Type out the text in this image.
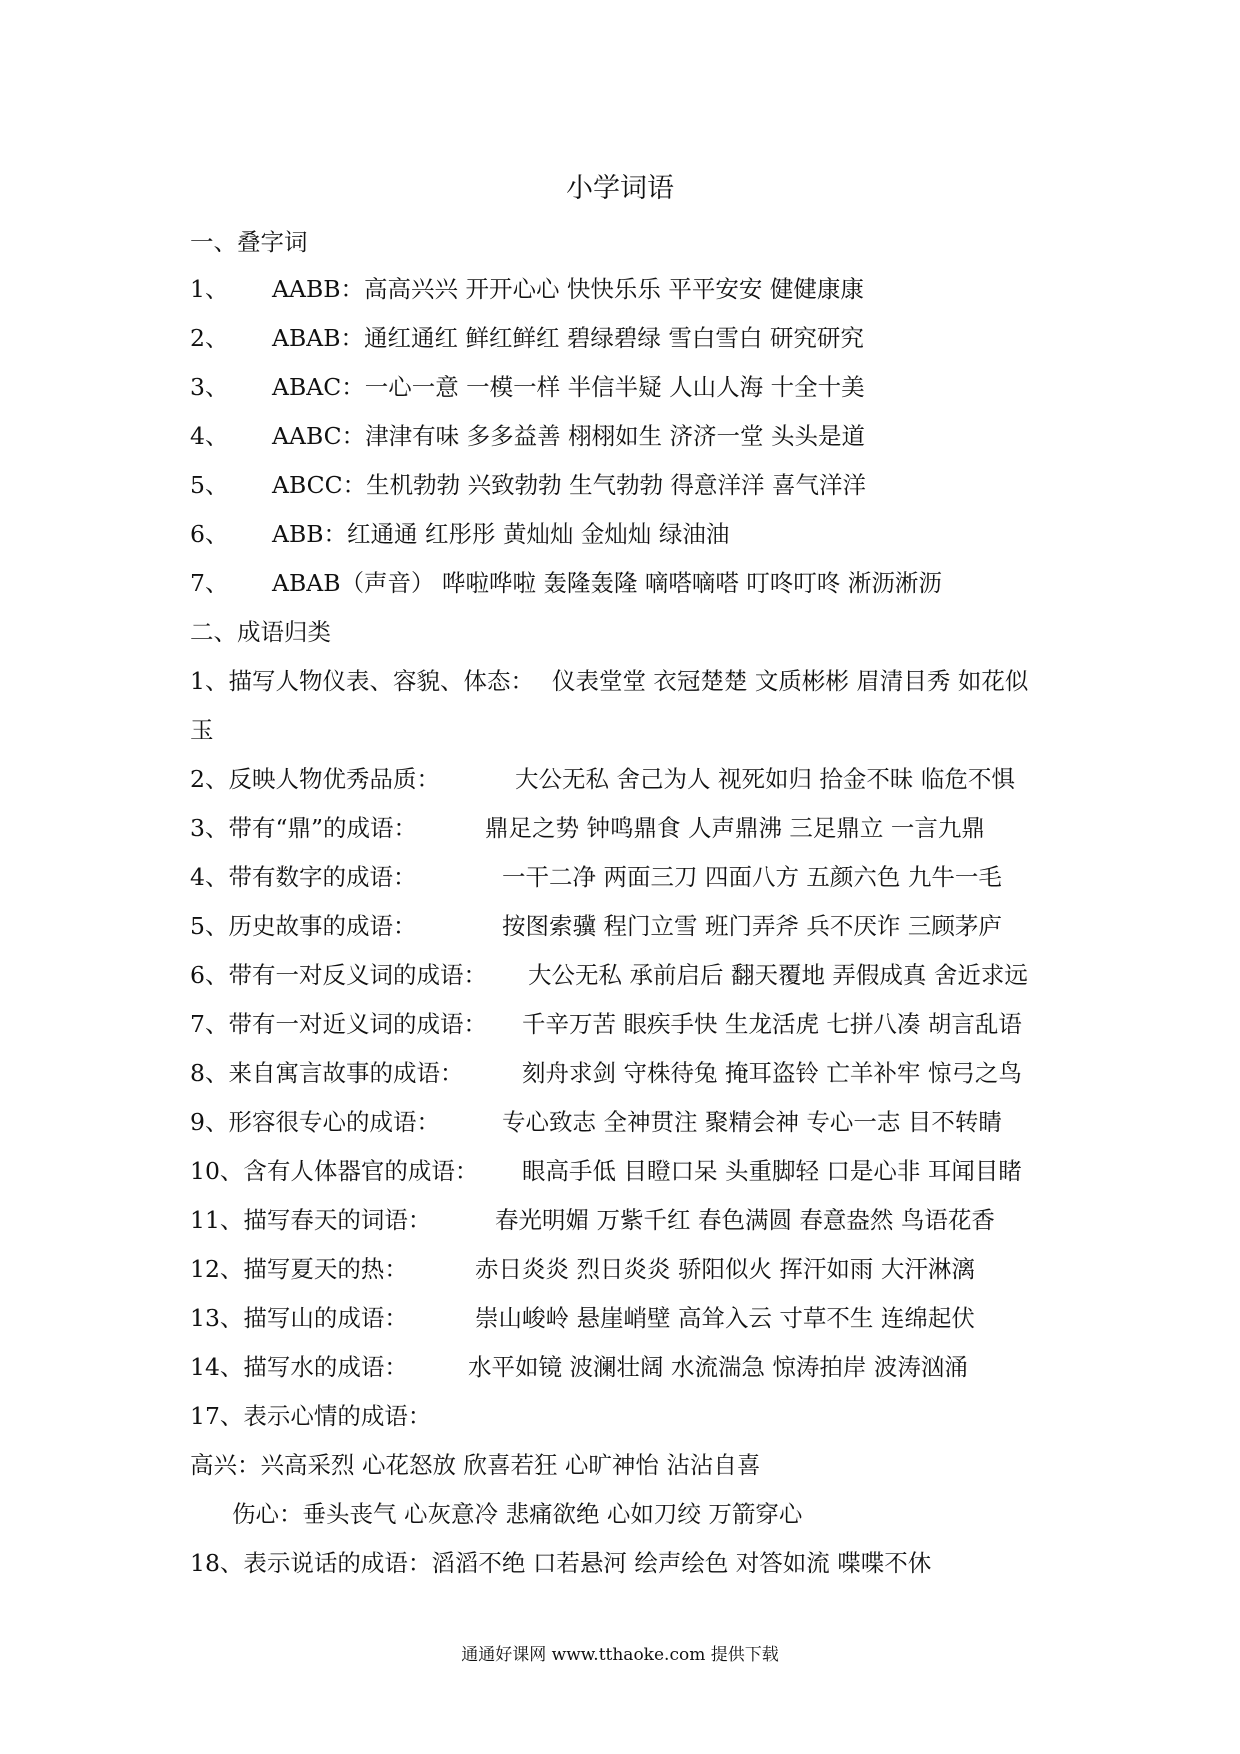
小学词语
一、叠字词
1、 AABB：高高兴兴 开开心心 快快乐乐 平平安安 健健康康
2、 ABAB：通红通红 鲜红鲜红 碧绿碧绿 雪白雪白 研究研究
3、 ABAC：一心一意 一模一样 半信半疑 人山人海 十全十美
4、 AABC：津津有味 多多益善 栩栩如生 济济一堂 头头是道
5、 ABCC：生机勃勃 兴致勃勃 生气勃勃 得意洋洋 喜气洋洋
6、 ABB：红通通 红彤彤 黄灿灿 金灿灿 绿油油
7、 ABAB（声音） 哗啦哗啦 轰隆轰隆 嘀嗒嘀嗒 叮咚叮咚 淅沥淅沥
二、成语归类
1、描写人物仪表、容貌、体态： 仪表堂堂 衣冠楚楚 文质彬彬 眉清目秀 如花似
玉
2、反映人物优秀品质：	大公无私 舍己为人 视死如归 拾金不昧 临危不惧
3、带有“鼎”的成语：	鼎足之势 钟鸣鼎食 人声鼎沸 三足鼎立 一言九鼎
4、带有数字的成语：	一干二净 两面三刀 四面八方 五颜六色 九牛一毛
5、历史故事的成语：	按图索骥 程门立雪 班门弄斧 兵不厌诈 三顾茅庐
6、带有一对反义词的成语： 大公无私 承前启后 翻天覆地 弄假成真 舍近求远
7、带有一对近义词的成语： 千辛万苦 眼疾手快 生龙活虎 七拼八凑 胡言乱语
8、来自寓言故事的成语： 刻舟求剑 守株待兔 掩耳盗铃 亡羊补牢 惊弓之鸟
9、形容很专心的成语：	专心致志 全神贯注 聚精会神 专心一志 目不转睛
10、含有人体器官的成语： 眼高手低 目瞪口呆 头重脚轻 口是心非 耳闻目睹
11、描写春天的词语：	春光明媚 万紫千红 春色满圆 春意盎然 鸟语花香
12、描写夏天的热：	赤日炎炎 烈日炎炎 骄阳似火 挥汗如雨 大汗淋漓
13、描写山的成语：	崇山峻岭 悬崖峭壁 高耸入云 寸草不生 连绵起伏
14、描写水的成语：	水平如镜 波澜壮阔 水流湍急 惊涛拍岸 波涛汹涌
17、表示心情的成语：
高兴：兴高采烈 心花怒放 欣喜若狂 心旷神怡 沾沾自喜
伤心：垂头丧气 心灰意冷 悲痛欲绝 心如刀绞 万箭穿心
18、表示说话的成语：滔滔不绝 口若悬河 绘声绘色 对答如流 喋喋不休
通通好课网 www.tthaoke.com 提供下载
